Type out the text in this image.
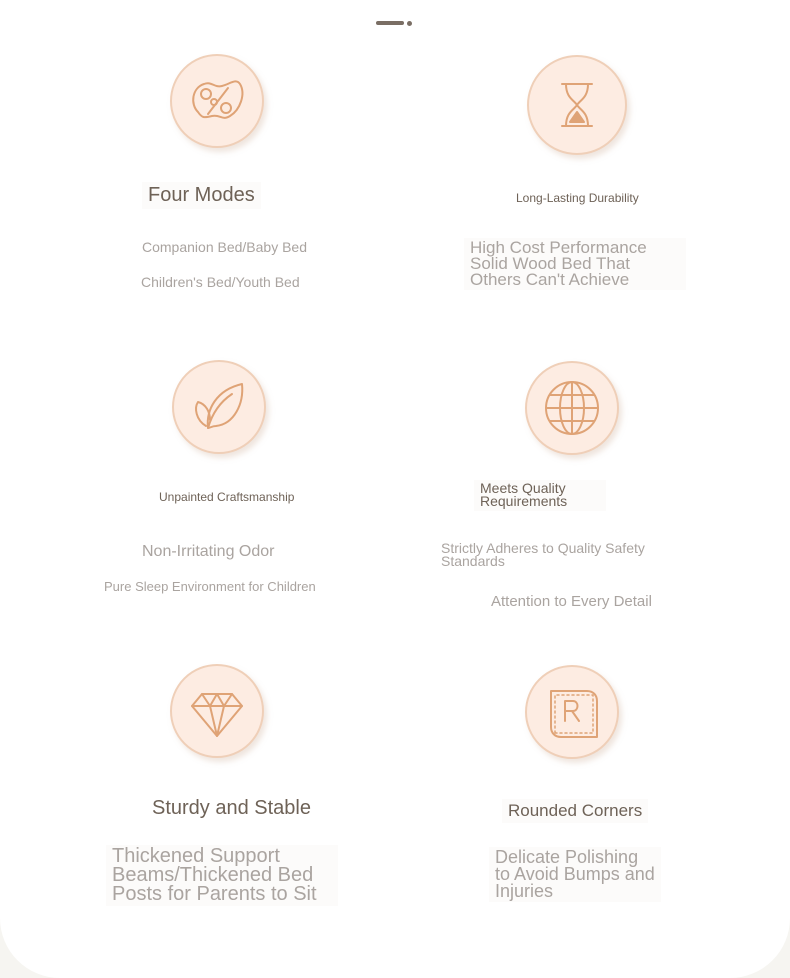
Four Modes
Companion Bed/Baby Bed
Children's Bed/Youth Bed
Long-Lasting Durability
High Cost Performance Solid Wood Bed That Others Can't Achieve
Unpainted Craftsmanship
Non-Irritating Odor
Pure Sleep Environment for Children
Meets Quality Requirements
Strictly Adheres to Quality Safety Standards
Attention to Every Detail
Sturdy and Stable
Thickened Support Beams/Thickened Bed Posts for Parents to Sit
Rounded Corners
Delicate Polishing to Avoid Bumps and Injuries
